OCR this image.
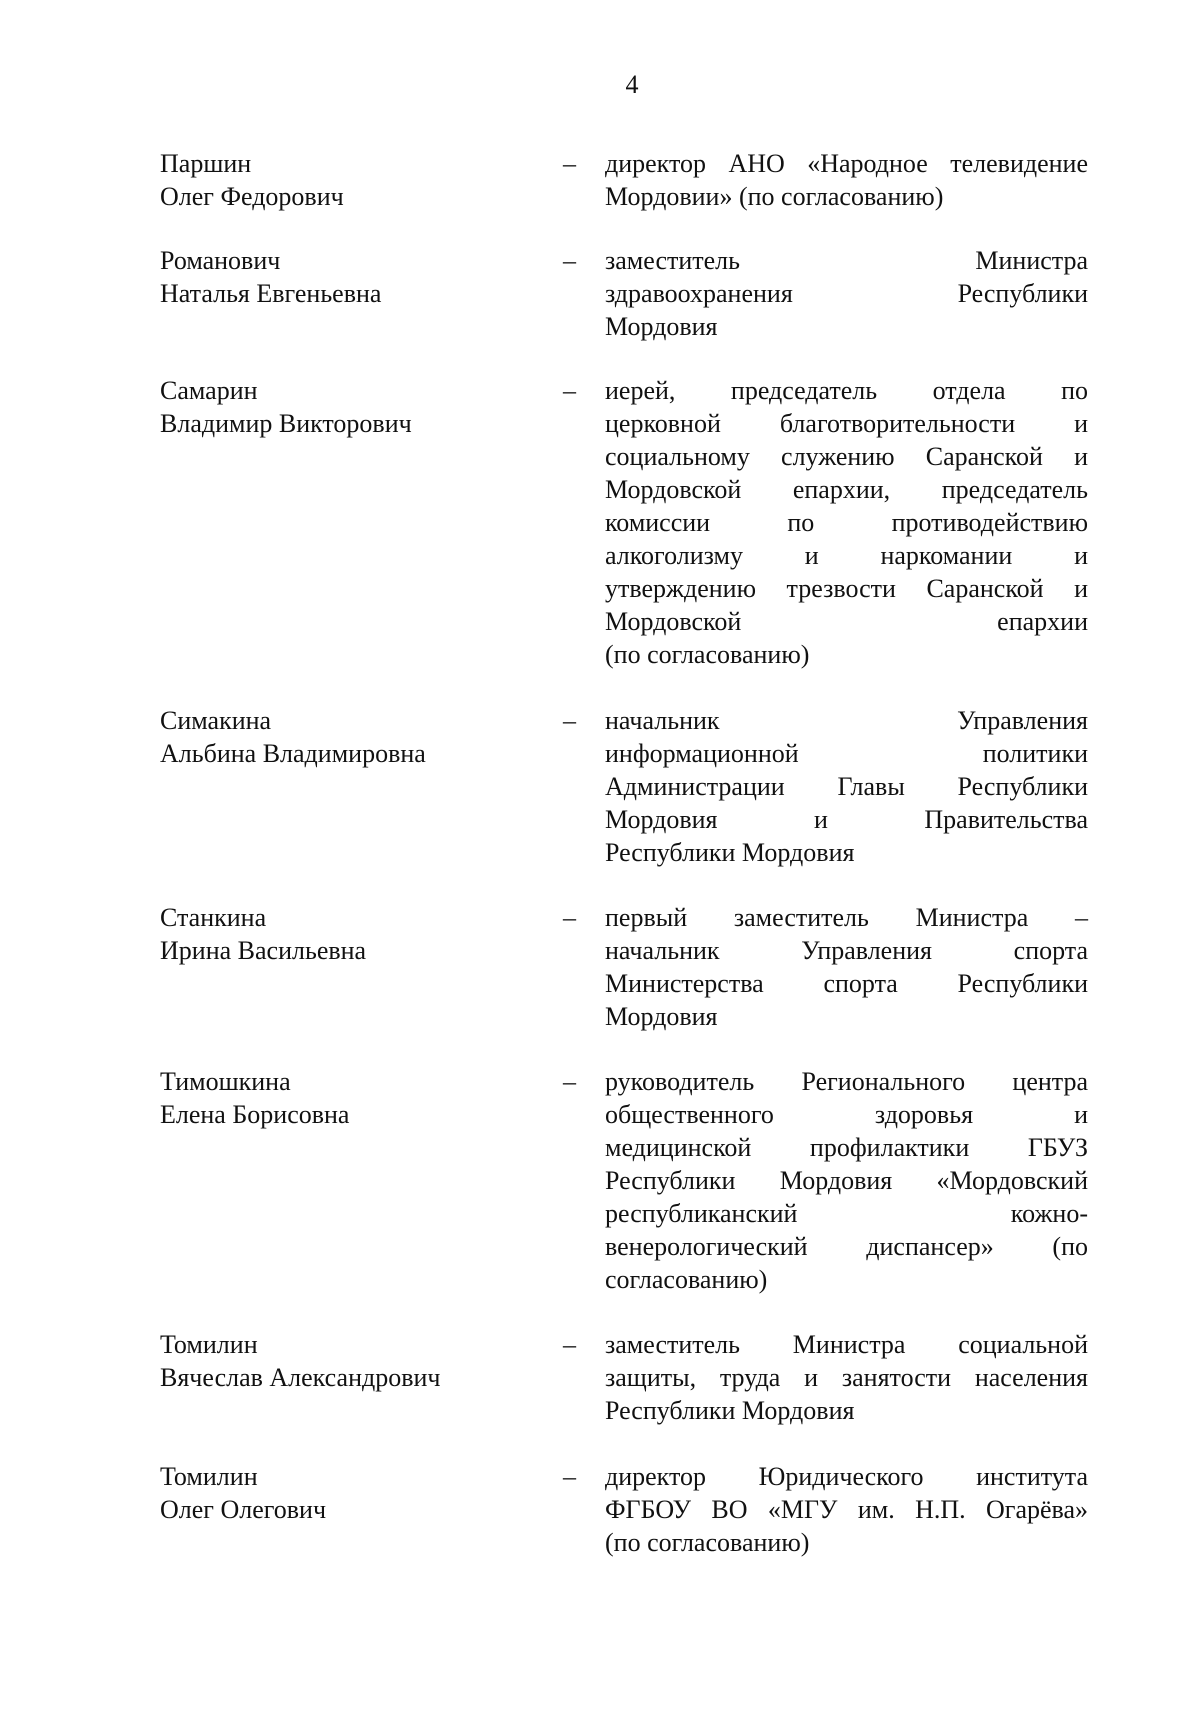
4
Паршин
Олег Федорович
– директор АНО «Народное телевидение
Мордовии» (по согласованию)
Романович
Наталья Евгеньевна
– заместитель Министра
здравоохранения Республики
Мордовия
Самарин
Владимир Викторович
– иерей, председатель отдела по
церковной благотворительности и
социальному служению Саранской и
Мордовской епархии, председатель
комиссии по противодействию
алкоголизму и наркомании и
утверждению трезвости Саранской и
Мордовской епархии
(по согласованию)
Симакина
Альбина Владимировна
– начальник Управления
информационной политики
Администрации Главы Республики
Мордовия и Правительства
Республики Мордовия
Станкина
Ирина Васильевна
– первый заместитель Министра –
начальник Управления спорта
Министерства спорта Республики
Мордовия
Тимошкина
Елена Борисовна
– руководитель Регионального центра
общественного здоровья и
медицинской профилактики ГБУЗ
Республики Мордовия «Мордовский
республиканский кожно-
венерологический диспансер» (по
согласованию)
Томилин
Вячеслав Александрович
– заместитель Министра социальной
защиты, труда и занятости населения
Республики Мордовия
Томилин
Олег Олегович
– директор Юридического института
ФГБОУ ВО «МГУ им. Н.П. Огарёва»
(по согласованию)
